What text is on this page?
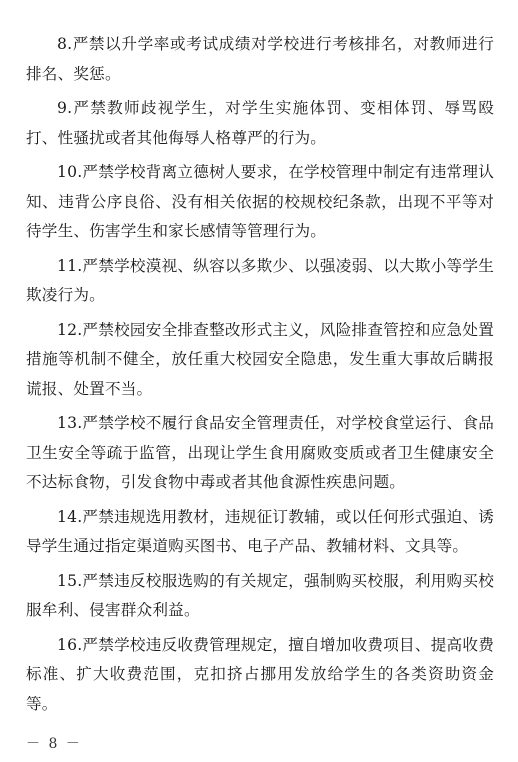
8.严禁以升学率或考试成绩对学校进行考核排名，对教师进行排名、奖惩。

9.严禁教师歧视学生，对学生实施体罚、变相体罚、辱骂殴打、性骚扰或者其他侮辱人格尊严的行为。

10.严禁学校背离立德树人要求，在学校管理中制定有违常理认知、违背公序良俗、没有相关依据的校规校纪条款，出现不平等对待学生、伤害学生和家长感情等管理行为。

11.严禁学校漠视、纵容以多欺少、以强凌弱、以大欺小等学生欺凌行为。

12.严禁校园安全排查整改形式主义，风险排查管控和应急处置措施等机制不健全，放任重大校园安全隐患，发生重大事故后瞒报谎报、处置不当。

13.严禁学校不履行食品安全管理责任，对学校食堂运行、食品卫生安全等疏于监管，出现让学生食用腐败变质或者卫生健康安全不达标食物，引发食物中毒或者其他食源性疾患问题。

14.严禁违规选用教材，违规征订教辅，或以任何形式强迫、诱导学生通过指定渠道购买图书、电子产品、教辅材料、文具等。

15.严禁违反校服选购的有关规定，强制购买校服，利用购买校服牟利、侵害群众利益。

16.严禁学校违反收费管理规定，擅自增加收费项目、提高收费标准、扩大收费范围，克扣挤占挪用发放给学生的各类资助资金等。

－ 8 －
